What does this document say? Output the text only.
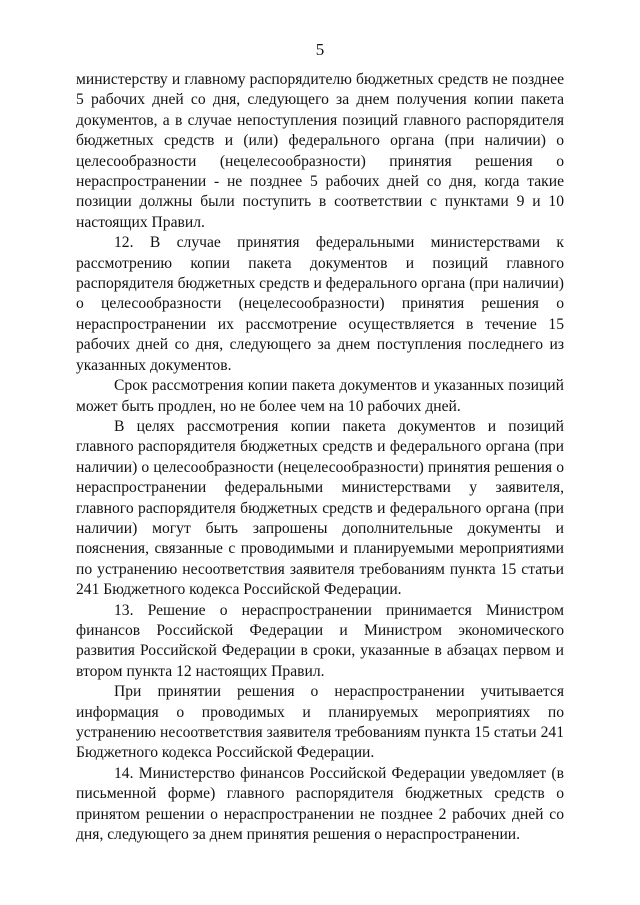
5

министерству и главному распорядителю бюджетных средств не позднее 5 рабочих дней со дня, следующего за днем получения копии пакета документов, а в случае непоступления позиций главного распорядителя бюджетных средств и (или) федерального органа (при наличии) о целесообразности (нецелесообразности) принятия решения о нераспространении - не позднее 5 рабочих дней со дня, когда такие позиции должны были поступить в соответствии с пунктами 9 и 10 настоящих Правил.

12. В случае принятия федеральными министерствами к рассмотрению копии пакета документов и позиций главного распорядителя бюджетных средств и федерального органа (при наличии) о целесообразности (нецелесообразности) принятия решения о нераспространении их рассмотрение осуществляется в течение 15 рабочих дней со дня, следующего за днем поступления последнего из указанных документов.

Срок рассмотрения копии пакета документов и указанных позиций может быть продлен, но не более чем на 10 рабочих дней.

В целях рассмотрения копии пакета документов и позиций главного распорядителя бюджетных средств и федерального органа (при наличии) о целесообразности (нецелесообразности) принятия решения о нераспространении федеральными министерствами у заявителя, главного распорядителя бюджетных средств и федерального органа (при наличии) могут быть запрошены дополнительные документы и пояснения, связанные с проводимыми и планируемыми мероприятиями по устранению несоответствия заявителя требованиям пункта 15 статьи 241 Бюджетного кодекса Российской Федерации.

13. Решение о нераспространении принимается Министром финансов Российской Федерации и Министром экономического развития Российской Федерации в сроки, указанные в абзацах первом и втором пункта 12 настоящих Правил.

При принятии решения о нераспространении учитывается информация о проводимых и планируемых мероприятиях по устранению несоответствия заявителя требованиям пункта 15 статьи 241 Бюджетного кодекса Российской Федерации.

14. Министерство финансов Российской Федерации уведомляет (в письменной форме) главного распорядителя бюджетных средств о принятом решении о нераспространении не позднее 2 рабочих дней со дня, следующего за днем принятия решения о нераспространении.
